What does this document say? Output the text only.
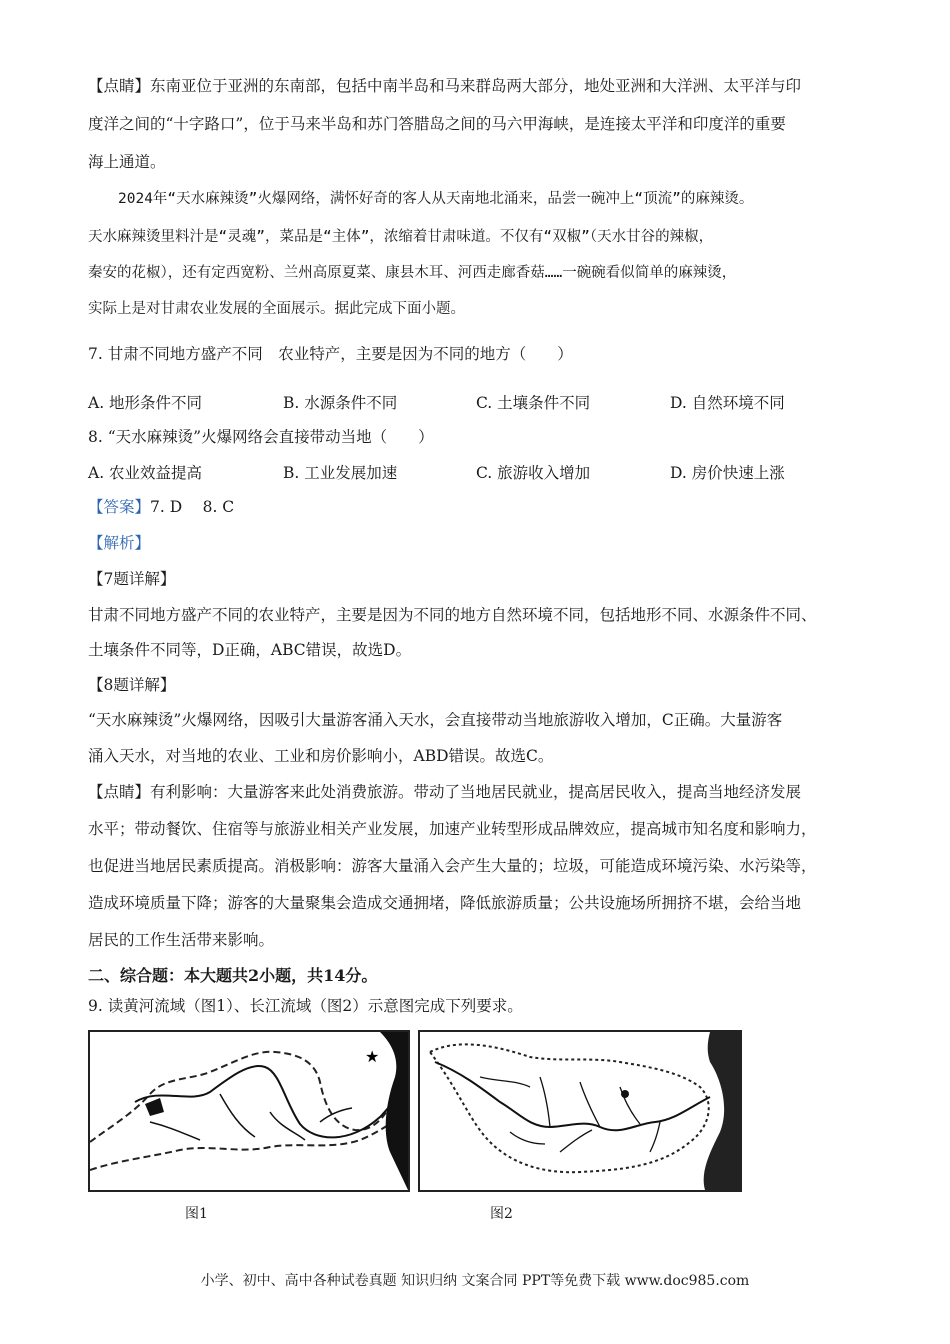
【点睛】东南亚位于亚洲的东南部，包括中南半岛和马来群岛两大部分，地处亚洲和大洋洲、太平洋与印
度洋之间的“十字路口”，位于马来半岛和苏门答腊岛之间的马六甲海峡，是连接太平洋和印度洋的重要
海上通道。
2024年“天水麻辣烫”火爆网络，满怀好奇的客人从天南地北涌来，品尝一碗冲上“顶流”的麻辣烫。
天水麻辣烫里料汁是“灵魂”，菜品是“主体”，浓缩着甘肃味道。不仅有“双椒”（天水甘谷的辣椒，
秦安的花椒），还有定西宽粉、兰州高原夏菜、康县木耳、河西走廊香菇……一碗碗看似简单的麻辣烫，
实际上是对甘肃农业发展的全面展示。据此完成下面小题。
7. 甘肃不同地方盛产不同　农业特产，主要是因为不同的地方（　　）
A. 地形条件不同	B. 水源条件不同	C. 土壤条件不同	D. 自然环境不同
8. “天水麻辣烫”火爆网络会直接带动当地（　　）
A. 农业效益提高	B. 工业发展加速	C. 旅游收入增加	D. 房价快速上涨
【答案】7. D　 8. C
【解析】
【7题详解】
甘肃不同地方盛产不同的农业特产，主要是因为不同的地方自然环境不同，包括地形不同、水源条件不同、
土壤条件不同等，D正确，ABC错误，故选D。
【8题详解】
“天水麻辣烫”火爆网络，因吸引大量游客涌入天水，会直接带动当地旅游收入增加，C正确。大量游客
涌入天水，对当地的农业、工业和房价影响小，ABD错误。故选C。
【点睛】有利影响：大量游客来此处消费旅游。带动了当地居民就业，提高居民收入，提高当地经济发展
水平；带动餐饮、住宿等与旅游业相关产业发展，加速产业转型形成品牌效应，提高城市知名度和影响力，
也促进当地居民素质提高。消极影响：游客大量涌入会产生大量的；垃圾，可能造成环境污染、水污染等，
造成环境质量下降；游客的大量聚集会造成交通拥堵，降低旅游质量；公共设施场所拥挤不堪，会给当地
居民的工作生活带来影响。
二、综合题：本大题共2小题，共14分。
9. 读黄河流域（图1）、长江流域（图2）示意图完成下列要求。
★
图1	图2
小学、初中、高中各种试卷真题 知识归纳 文案合同 PPT等免费下载 www.doc985.com
